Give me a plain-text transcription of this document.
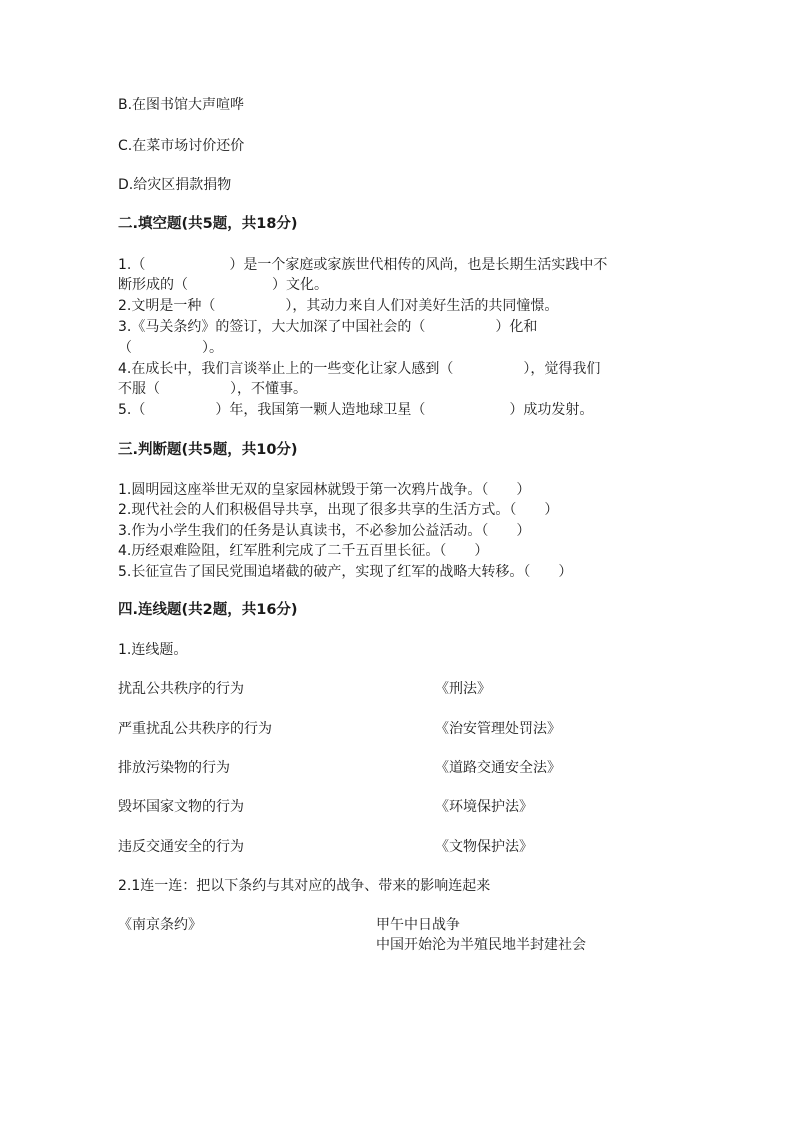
B.在图书馆大声喧哗
C.在菜市场讨价还价
D.给灾区捐款捐物
二.填空题(共5题，共18分)
1.（　　　　　　）是一个家庭或家族世代相传的风尚，也是长期生活实践中不
断形成的（　　　　　　）文化。
2.文明是一种（　　　　　），其动力来自人们对美好生活的共同憧憬。
3.《马关条约》的签订，大大加深了中国社会的（　　　　　）化和
（　　　　　）。
4.在成长中，我们言谈举止上的一些变化让家人感到（　　　　　），觉得我们
不服（　　　　　），不懂事。
5.（　　　　　）年，我国第一颗人造地球卫星（　　　　　　）成功发射。
三.判断题(共5题，共10分)
1.圆明园这座举世无双的皇家园林就毁于第一次鸦片战争。（　　）
2.现代社会的人们积极倡导共享，出现了很多共享的生活方式。（　　）
3.作为小学生我们的任务是认真读书，不必参加公益活动。（　　）
4.历经艰难险阻，红军胜利完成了二千五百里长征。（　　）
5.长征宣告了国民党围追堵截的破产，实现了红军的战略大转移。（　　）
四.连线题(共2题，共16分)
1.连线题。
扰乱公共秩序的行为	《刑法》
严重扰乱公共秩序的行为	《治安管理处罚法》
排放污染物的行为	《道路交通安全法》
毁坏国家文物的行为	《环境保护法》
违反交通安全的行为	《文物保护法》
2.1连一连：把以下条约与其对应的战争、带来的影响连起来
《南京条约》	甲午中日战争
中国开始沦为半殖民地半封建社会
